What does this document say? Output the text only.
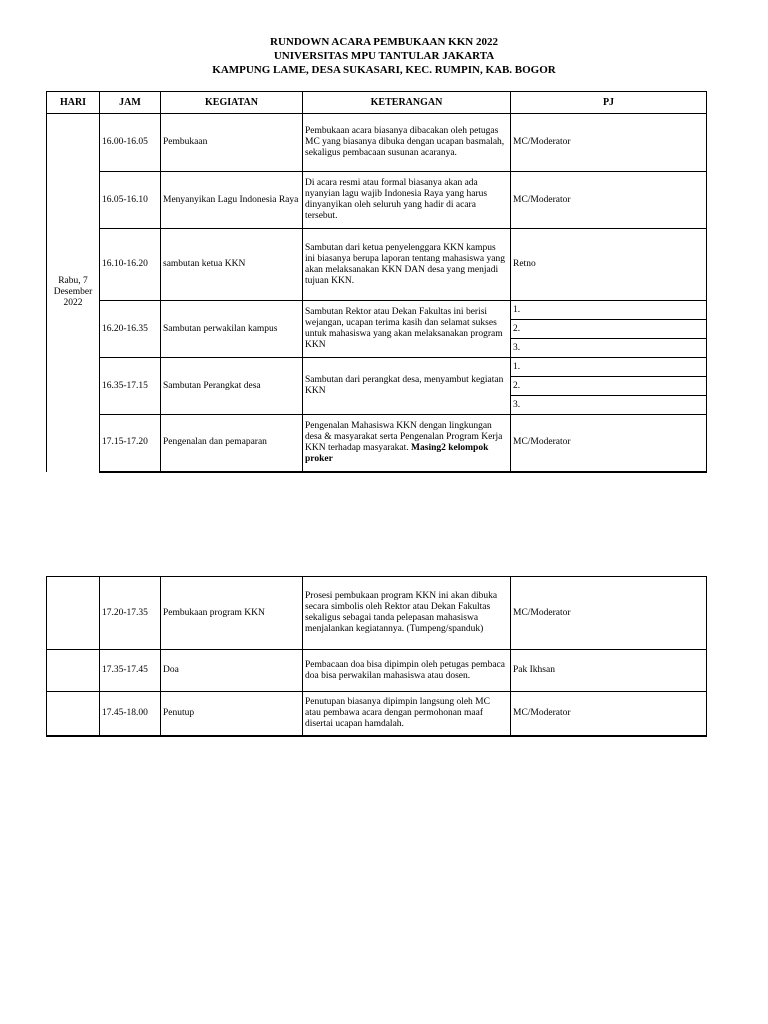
RUNDOWN ACARA PEMBUKAAN KKN 2022
UNIVERSITAS MPU TANTULAR JAKARTA
KAMPUNG LAME, DESA SUKASARI, KEC. RUMPIN, KAB. BOGOR
HARI	JAM	KEGIATAN	KETERANGAN	PJ
Rabu, 7 Desember 2022	16.00-16.05	Pembukaan	Pembukaan acara biasanya dibacakan oleh petugas MC yang biasanya dibuka dengan ucapan basmalah, sekaligus pembacaan susunan acaranya.	MC/Moderator
	16.05-16.10	Menyanyikan Lagu Indonesia Raya	Di acara resmi atau formal biasanya akan ada nyanyian lagu wajib Indonesia Raya yang harus dinyanyikan oleh seluruh yang hadir di acara tersebut.	MC/Moderator
	16.10-16.20	sambutan ketua KKN	Sambutan dari ketua penyelenggara KKN kampus ini biasanya berupa laporan tentang mahasiswa yang akan melaksanakan KKN DAN desa yang menjadi tujuan KKN.	Retno
	16.20-16.35	Sambutan perwakilan kampus	Sambutan Rektor atau Dekan Fakultas ini berisi wejangan, ucapan terima kasih dan selamat sukses untuk mahasiswa yang akan melaksanakan program KKN	1.
				2.
				3.
	16.35-17.15	Sambutan Perangkat desa	Sambutan dari perangkat desa, menyambut kegiatan KKN	1.
				2.
				3.
	17.15-17.20	Pengenalan dan pemaparan	Pengenalan Mahasiswa KKN dengan lingkungan desa & masyarakat serta Pengenalan Program Kerja KKN terhadap masyarakat. Masing2 kelompok proker	MC/Moderator
	17.20-17.35	Pembukaan program KKN	Prosesi pembukaan program KKN ini akan dibuka secara simbolis oleh Rektor atau Dekan Fakultas sekaligus sebagai tanda pelepasan mahasiswa menjalankan kegiatannya. (Tumpeng/spanduk)	MC/Moderator
	17.35-17.45	Doa	Pembacaan doa bisa dipimpin oleh petugas pembaca doa bisa perwakilan mahasiswa atau dosen.	Pak Ikhsan
	17.45-18.00	Penutup	Penutupan biasanya dipimpin langsung oleh MC atau pembawa acara dengan permohonan maaf disertai ucapan hamdalah.	MC/Moderator
